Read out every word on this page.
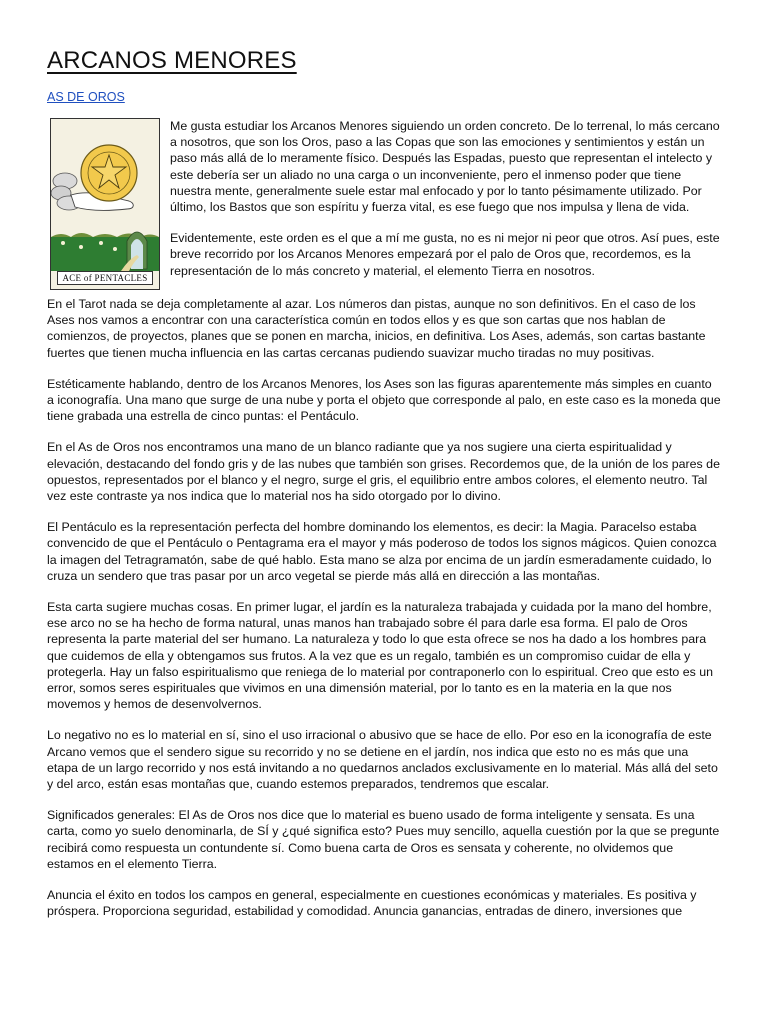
ARCANOS MENORES
AS DE OROS
ACE of PENTACLES

Me gusta estudiar los Arcanos Menores siguiendo un orden concreto. De lo terrenal, lo más cercano a nosotros, que son los Oros, paso a las Copas que son las emociones y sentimientos y están un paso más allá de lo meramente físico. Después las Espadas, puesto que representan el intelecto y este debería ser un aliado no una carga o un inconveniente, pero el inmenso poder que tiene nuestra mente, generalmente suele estar mal enfocado y por lo tanto pésimamente utilizado. Por último, los Bastos que son espíritu y fuerza vital, es ese fuego que nos impulsa y llena de vida.

Evidentemente, este orden es el que a mí me gusta, no es ni mejor ni peor que otros. Así pues, este breve recorrido por los Arcanos Menores empezará por el palo de Oros que, recordemos, es la representación de lo más concreto y material, el elemento Tierra en nosotros.

En el Tarot nada se deja completamente al azar. Los números dan pistas, aunque no son definitivos. En el caso de los Ases nos vamos a encontrar con una característica común en todos ellos y es que son cartas que nos hablan de comienzos, de proyectos, planes que se ponen en marcha, inicios, en definitiva. Los Ases, además, son cartas bastante fuertes que tienen mucha influencia en las cartas cercanas pudiendo suavizar mucho tiradas no muy positivas.

Estéticamente hablando, dentro de los Arcanos Menores, los Ases son las figuras aparentemente más simples en cuanto a iconografía. Una mano que surge de una nube y porta el objeto que corresponde al palo, en este caso es la moneda que tiene grabada una estrella de cinco puntas: el Pentáculo.

En el As de Oros nos encontramos una mano de un blanco radiante que ya nos sugiere una cierta espiritualidad y elevación, destacando del fondo gris y de las nubes que también son grises. Recordemos que, de la unión de los pares de opuestos, representados por el blanco y el negro, surge el gris, el equilibrio entre ambos colores, el elemento neutro. Tal vez este contraste ya nos indica que lo material nos ha sido otorgado por lo divino.

El Pentáculo es la representación perfecta del hombre dominando los elementos, es decir: la Magia. Paracelso estaba convencido de que el Pentáculo o Pentagrama era el mayor y más poderoso de todos los signos mágicos. Quien conozca la imagen del Tetragramatón, sabe de qué hablo. Esta mano se alza por encima de un jardín esmeradamente cuidado, lo cruza un sendero que tras pasar por un arco vegetal se pierde más allá en dirección a las montañas.

Esta carta sugiere muchas cosas. En primer lugar, el jardín es la naturaleza trabajada y cuidada por la mano del hombre, ese arco no se ha hecho de forma natural, unas manos han trabajado sobre él para darle esa forma. El palo de Oros representa la parte material del ser humano. La naturaleza y todo lo que esta ofrece se nos ha dado a los hombres para que cuidemos de ella y obtengamos sus frutos. A la vez que es un regalo, también es un compromiso cuidar de ella y protegerla. Hay un falso espiritualismo que reniega de lo material por contraponerlo con lo espiritual. Creo que esto es un error, somos seres espirituales que vivimos en una dimensión material, por lo tanto es en la materia en la que nos movemos y hemos de desenvolvernos.

Lo negativo no es lo material en sí, sino el uso irracional o abusivo que se hace de ello. Por eso en la iconografía de este Arcano vemos que el sendero sigue su recorrido y no se detiene en el jardín, nos indica que esto no es más que una etapa de un largo recorrido y nos está invitando a no quedarnos anclados exclusivamente en lo material. Más allá del seto y del arco, están esas montañas que, cuando estemos preparados, tendremos que escalar.

Significados generales: El As de Oros nos dice que lo material es bueno usado de forma inteligente y sensata. Es una carta, como yo suelo denominarla, de SÍ y ¿qué significa esto? Pues muy sencillo, aquella cuestión por la que se pregunte recibirá como respuesta un contundente sí. Como buena carta de Oros es sensata y coherente, no olvidemos que estamos en el elemento Tierra.

Anuncia el éxito en todos los campos en general, especialmente en cuestiones económicas y materiales. Es positiva y próspera. Proporciona seguridad, estabilidad y comodidad. Anuncia ganancias, entradas de dinero, inversiones que
